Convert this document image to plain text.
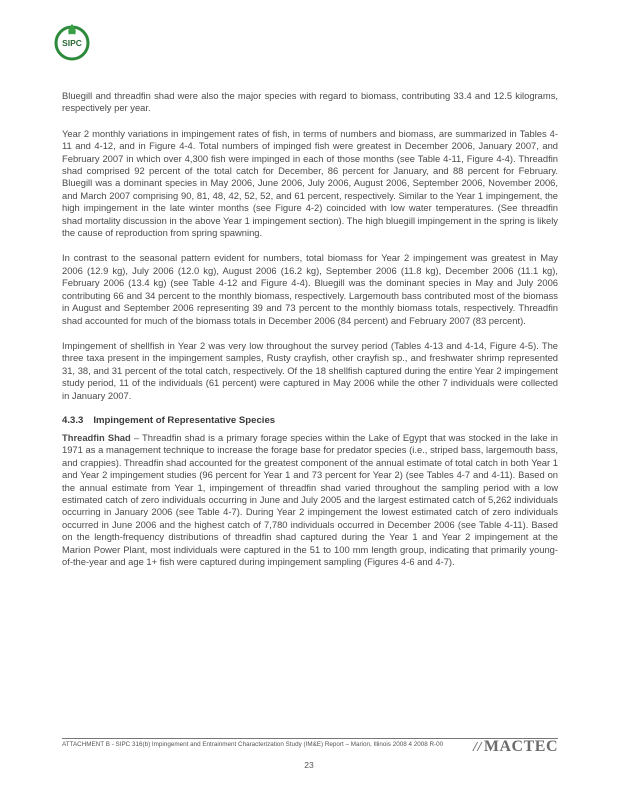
SIPC

Bluegill and threadfin shad were also the major species with regard to biomass, contributing 33.4 and 12.5 kilograms, respectively per year.

Year 2 monthly variations in impingement rates of fish, in terms of numbers and biomass, are summarized in Tables 4-11 and 4-12, and in Figure 4-4. Total numbers of impinged fish were greatest in December 2006, January 2007, and February 2007 in which over 4,300 fish were impinged in each of those months (see Table 4-11, Figure 4-4). Threadfin shad comprised 92 percent of the total catch for December, 86 percent for January, and 88 percent for February. Bluegill was a dominant species in May 2006, June 2006, July 2006, August 2006, September 2006, November 2006, and March 2007 comprising 90, 81, 48, 42, 52, 52, and 61 percent, respectively. Similar to the Year 1 impingement, the high impingement in the late winter months (see Figure 4-2) coincided with low water temperatures. (See threadfin shad mortality discussion in the above Year 1 impingement section). The high bluegill impingement in the spring is likely the cause of reproduction from spring spawning.

In contrast to the seasonal pattern evident for numbers, total biomass for Year 2 impingement was greatest in May 2006 (12.9 kg), July 2006 (12.0 kg), August 2006 (16.2 kg), September 2006 (11.8 kg), December 2006 (11.1 kg), February 2006 (13.4 kg) (see Table 4-12 and Figure 4-4). Bluegill was the dominant species in May and July 2006 contributing 66 and 34 percent to the monthly biomass, respectively. Largemouth bass contributed most of the biomass in August and September 2006 representing 39 and 73 percent to the monthly biomass totals, respectively. Threadfin shad accounted for much of the biomass totals in December 2006 (84 percent) and February 2007 (83 percent).

Impingement of shellfish in Year 2 was very low throughout the survey period (Tables 4-13 and 4-14, Figure 4-5). The three taxa present in the impingement samples, Rusty crayfish, other crayfish sp., and freshwater shrimp represented 31, 38, and 31 percent of the total catch, respectively. Of the 18 shellfish captured during the entire Year 2 impingement study period, 11 of the individuals (61 percent) were captured in May 2006 while the other 7 individuals were collected in January 2007.

4.3.3 Impingement of Representative Species

Threadfin Shad – Threadfin shad is a primary forage species within the Lake of Egypt that was stocked in the lake in 1971 as a management technique to increase the forage base for predator species (i.e., striped bass, largemouth bass, and crappies). Threadfin shad accounted for the greatest component of the annual estimate of total catch in both Year 1 and Year 2 impingement studies (96 percent for Year 1 and 73 percent for Year 2) (see Tables 4-7 and 4-11). Based on the annual estimate from Year 1, impingement of threadfin shad varied throughout the sampling period with a low estimated catch of zero individuals occurring in June and July 2005 and the largest estimated catch of 5,262 individuals occurring in January 2006 (see Table 4-7). During Year 2 impingement the lowest estimated catch of zero individuals occurred in June 2006 and the highest catch of 7,780 individuals occurred in December 2006 (see Table 4-11). Based on the length-frequency distributions of threadfin shad captured during the Year 1 and Year 2 impingement at the Marion Power Plant, most individuals were captured in the 51 to 100 mm length group, indicating that primarily young-of-the-year and age 1+ fish were captured during impingement sampling (Figures 4-6 and 4-7).

ATTACHMENT B - SIPC 316(b) Impingement and Entrainment Characterization Study (IM&E) Report – Marion, Illinois 2008 4 2008 R-00 // MACTEC
23
